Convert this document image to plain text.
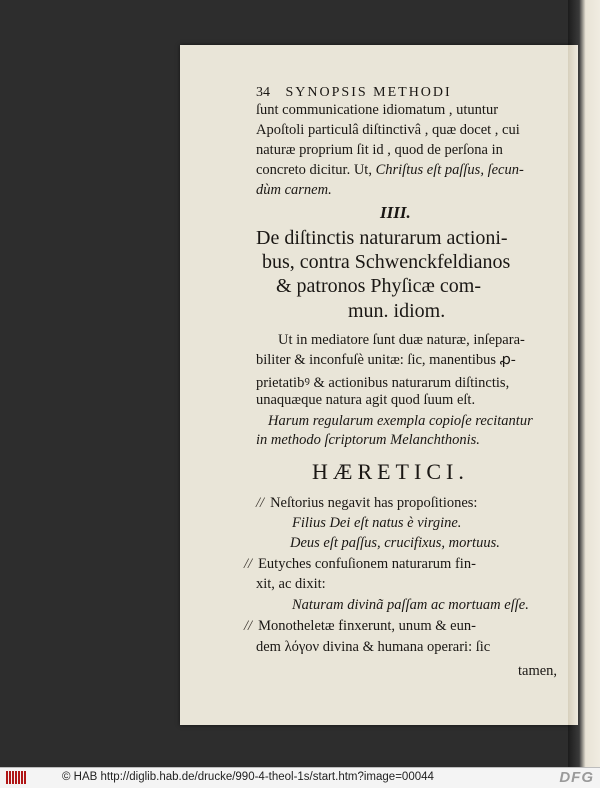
34 SYNOPSIS METHODI
ſunt communicatione idiomatum , utuntur
Apoſtoli particulâ diſtinctivâ , quæ docet , cui
naturæ proprium ſit id , quod de perſona in
concreto dicitur. Ut, Chriſtus eſt paſſus, ſecun-
dùm carnem.
IIII.
De diſtinctis naturarum actioni-
bus, contra Schwenckfeldianos
& patronos Phyſicæ com-
mun. idiom.
Ut in mediatore ſunt duæ naturæ, inſepara-
biliter & inconfuſè unitæ: ſic, manentibus ꝓ-
prietatibꝰ & actionibus naturarum diſtinctis,
unaquæque natura agit quod ſuum eſt.
Harum regularum exempla copioſe recitantur
in methodo ſcriptorum Melanchthonis.
HÆRETICI.
// Neſtorius negavit has propoſitiones:
Filius Dei eſt natus è virgine.
Deus eſt paſſus, crucifixus, mortuus.
// Eutyches confuſionem naturarum fin-
xit, ac dixit:
Naturam divinã paſſam ac mortuam eſſe.
// Monotheletæ finxerunt, unum & eun-
dem λόγον divina & humana operari: ſic
tamen,
© HAB http://diglib.hab.de/drucke/990-4-theol-1s/start.htm?image=00044	DFG
